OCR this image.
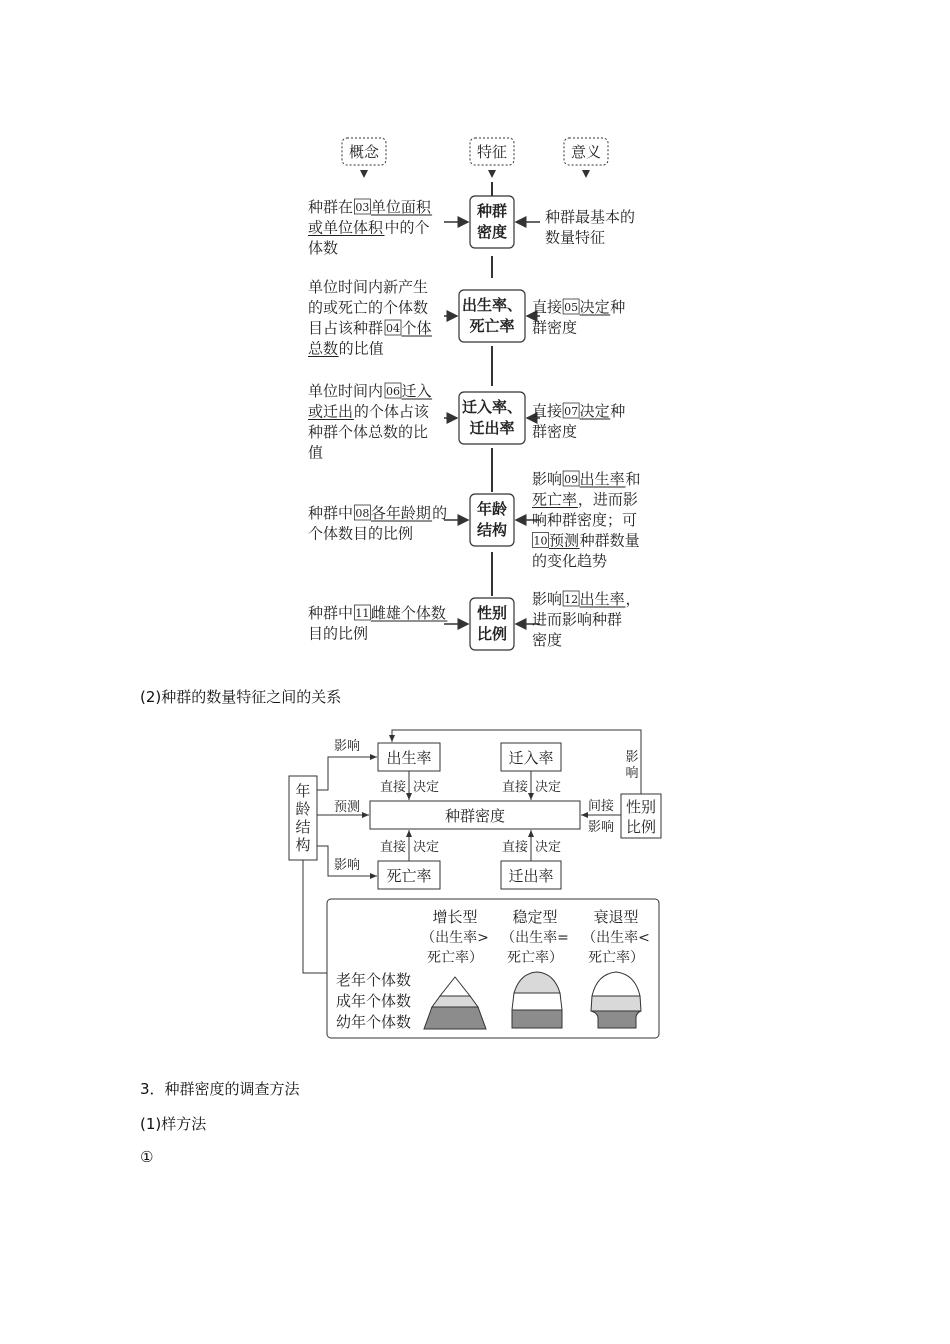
概念	特征	意义
种群
密度
种群在 03 单位面积
或单位体积 中的个
体数
种群最基本的
数量特征
出生率、
死亡率
单位时间内新产生
的或死亡的个体数
目占该种群 04 个体
总数 的比值
直接 05 决定 种
群密度
迁入率、
迁出率
单位时间内 06 迁入
或迁出 的个体占该
种群个体总数的比
值
直接 07 决定 种
群密度
年龄
结构
种群中 08 各年龄期 的
个体数目的比例
影响 09 出生率 和
死亡率 ，进而影
响种群密度；可
10 预测 种群数量
的变化趋势
性别
比例
种群中 11 雌雄个体数
目的比例
影响 12 出生率 ，
进而影响种群
密度
(2)种群的数量特征之间的关系
出生率	迁入率
种群密度
死亡率	迁出率
年
龄
结
构
性别
比例
影响
预测
影响
直接 决定	直接 决定
直接 决定	直接 决定
间接
影响
影
响
增长型
（出生率>
死亡率）
稳定型
（出生率=
死亡率）
衰退型
（出生率<
死亡率）
老年个体数
成年个体数
幼年个体数
3．种群密度的调查方法
(1)样方法
①
